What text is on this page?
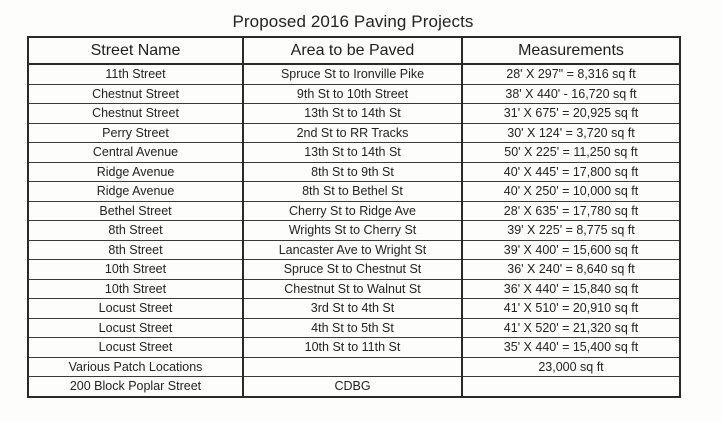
Proposed 2016 Paving Projects
Street Name	Area to be Paved	Measurements
11th Street	Spruce St to Ironville Pike	28' X 297" = 8,316 sq ft
Chestnut Street	9th St to 10th Street	38' X 440' - 16,720 sq ft
Chestnut Street	13th St to 14th St	31' X 675' = 20,925 sq ft
Perry Street	2nd St to RR Tracks	30' X 124' = 3,720 sq ft
Central Avenue	13th St to 14th St	50' X 225' = 11,250 sq ft
Ridge Avenue	8th St to 9th St	40' X 445' = 17,800 sq ft
Ridge Avenue	8th St to Bethel St	40' X 250' = 10,000 sq ft
Bethel Street	Cherry St to Ridge Ave	28' X 635' = 17,780 sq ft
8th Street	Wrights St to Cherry St	39' X 225' = 8,775 sq ft
8th Street	Lancaster Ave to Wright St	39' X 400' = 15,600 sq ft
10th Street	Spruce St to Chestnut St	36' X 240' = 8,640 sq ft
10th Street	Chestnut St to Walnut St	36' X 440' = 15,840 sq ft
Locust Street	3rd St to 4th St	41' X 510' = 20,910 sq ft
Locust Street	4th St to 5th St	41' X 520' = 21,320 sq ft
Locust Street	10th St to 11th St	35' X 440' = 15,400 sq ft
Various Patch Locations		23,000 sq ft
200 Block Poplar Street	CDBG	
